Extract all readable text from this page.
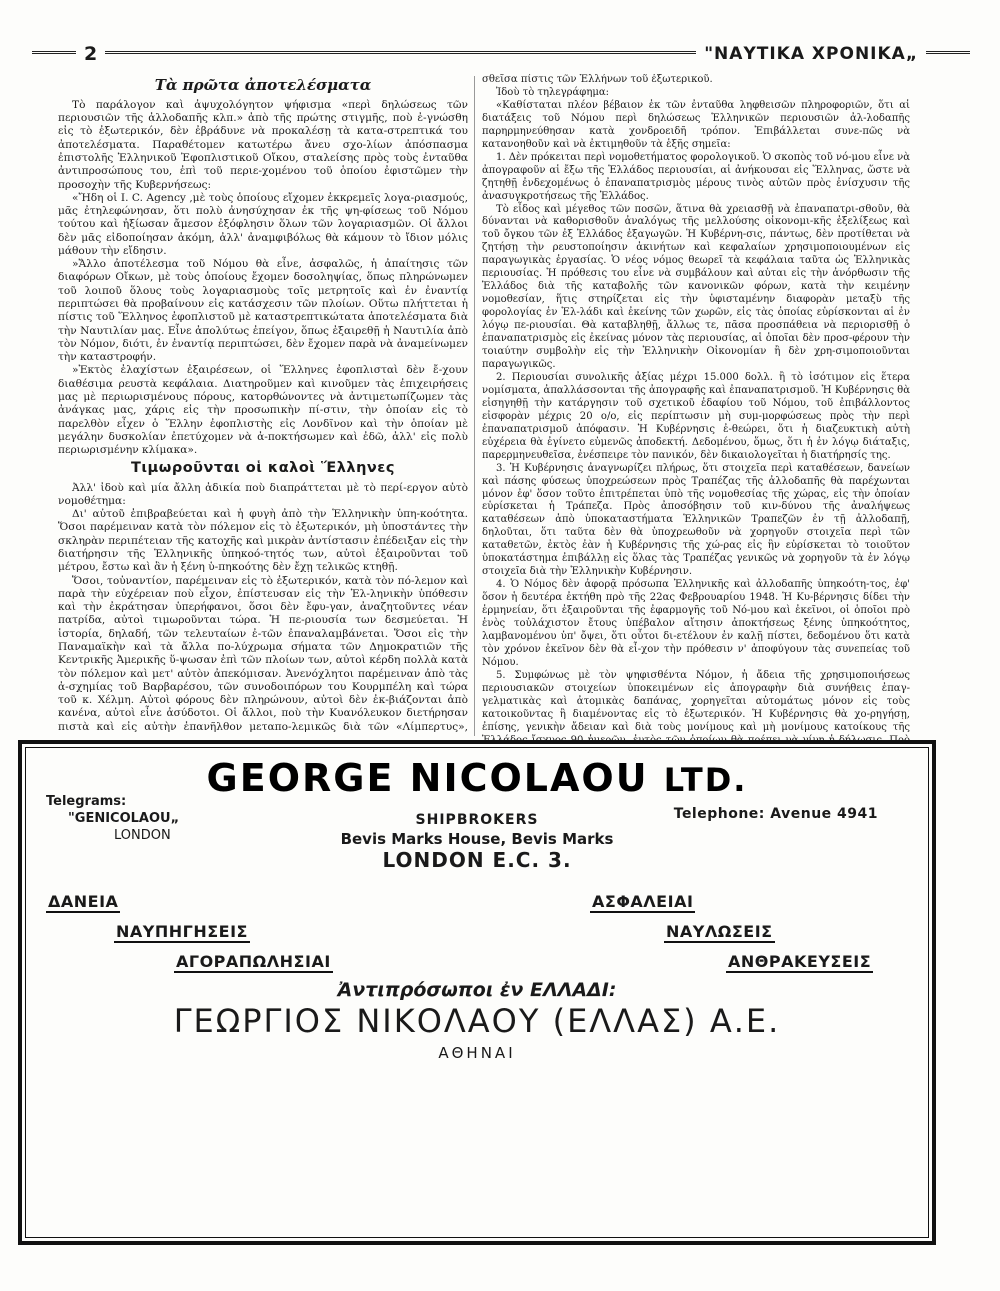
2	"ΝΑΥΤΙΚΑ ΧΡΟΝΙΚΑ„
Τὰ πρῶτα ἀποτελέσματα

Τὸ παράλογον καὶ ἀψυχολόγητον ψήφισμα «περὶ δηλώσεως τῶν περιουσιῶν τῆς ἀλλοδαπῆς κλπ.» ἀπὸ τῆς πρώτης στιγμῆς, ποὺ ἐ-γνώσθη εἰς τὸ ἐξωτερικόν, δὲν ἐβράδυνε νὰ προκαλέσῃ τὰ κατα-στρεπτικά του ἀποτελέσματα. Παραθέτομεν κατωτέρω ἄνευ σχο-λίων ἀπόσπασμα ἐπιστολῆς Ἑλληνικοῦ Ἐφοπλιστικοῦ Οἴκου, σταλείσης πρὸς τοὺς ἐνταῦθα ἀντιπροσώπους του, ἐπὶ τοῦ περιε-χομένου τοῦ ὁποίου ἐφιστῶμεν τὴν προσοχὴν τῆς Κυβερνήσεως:

«Ἤδη οἱ I. C. Agency ,μὲ τοὺς ὁποίους εἴχομεν ἐκκρεμεῖς λογα-ριασμούς, μᾶς ἐτηλεφώνησαν, ὅτι πολὺ ἀνησύχησαν ἐκ τῆς ψη-φίσεως τοῦ Νόμου τούτου καὶ ἠξίωσαν ἄμεσον ἐξόφλησιν ὅλων τῶν λογαριασμῶν. Οἱ ἄλλοι δὲν μᾶς εἰδοποίησαν ἀκόμη, ἀλλ' ἀναμφιβόλως θὰ κάμουν τὸ ἴδιον μόλις μάθουν τὴν εἴδησιν.

»Ἄλλο ἀποτέλεσμα τοῦ Νόμου θὰ εἶνε, ἀσφαλῶς, ἡ ἀπαίτησις τῶν διαφόρων Οἴκων, μὲ τοὺς ὁποίους ἔχομεν δοσοληψίας, ὅπως πληρώνωμεν τοῦ λοιποῦ ὅλους τοὺς λογαριασμοὺς τοῖς μετρητοῖς καὶ ἐν ἐναντίᾳ περιπτώσει θὰ προβαίνουν εἰς κατάσχεσιν τῶν πλοίων. Οὕτω πλήττεται ἡ πίστις τοῦ Ἕλληνος ἐφοπλιστοῦ μὲ καταστρεπτικώτατα ἀποτελέσματα διὰ τὴν Ναυτιλίαν μας. Εἶνε ἀπολύτως ἐπείγον, ὅπως ἐξαιρεθῇ ἡ Ναυτιλία ἀπὸ τὸν Νόμον, διότι, ἐν ἐναντίᾳ περιπτώσει, δὲν ἔχομεν παρὰ νὰ ἀναμείνωμεν τὴν καταστροφήν.

»Ἐκτὸς ἐλαχίστων ἐξαιρέσεων, οἱ Ἕλληνες ἐφοπλισταὶ δὲν ἔ-χουν διαθέσιμα ρευστὰ κεφάλαια. Διατηροῦμεν καὶ κινοῦμεν τὰς ἐπιχειρήσεις μας μὲ περιωρισμένους πόρους, κατορθώνοντες νὰ ἀντιμετωπίζωμεν τὰς ἀνάγκας μας, χάρις εἰς τὴν προσωπικὴν πί-στιν, τὴν ὁποίαν εἰς τὸ παρελθὸν εἶχεν ὁ Ἕλλην ἐφοπλιστὴς εἰς Λονδῖνον καὶ τὴν ὁποίαν μὲ μεγάλην δυσκολίαν ἐπετύχομεν νὰ ἀ-ποκτήσωμεν καὶ ἐδῶ, ἀλλ' εἰς πολὺ περιωρισμένην κλίμακα».

Τιμωροῦνται οἱ καλοὶ Ἕλληνες

Ἀλλ' ἰδοὺ καὶ μία ἄλλη ἀδικία ποὺ διαπράττεται μὲ τὸ περί-εργον αὐτὸ νομοθέτημα:

Δι' αὐτοῦ ἐπιβραβεύεται καὶ ἡ φυγὴ ἀπὸ τὴν Ἑλληνικὴν ὑπη-κοότητα. Ὅσοι παρέμειναν κατὰ τὸν πόλεμον εἰς τὸ ἐξωτερικόν, μὴ ὑποστάντες τὴν σκληρὰν περιπέτειαν τῆς κατοχῆς καὶ μικρὰν ἀντίστασιν ἐπέδειξαν εἰς τὴν διατήρησιν τῆς Ἑλληνικῆς ὑπηκοό-τητός των, αὐτοὶ ἐξαιροῦνται τοῦ μέτρου, ἔστω καὶ ἂν ἡ ξένη ὑ-πηκοότης δὲν ἔχῃ τελικῶς κτηθῇ.

Ὅσοι, τοὐναντίον, παρέμειναν εἰς τὸ ἐξωτερικόν, κατὰ τὸν πό-λεμον καὶ παρὰ τὴν εὐχέρειαν ποὺ εἶχον, ἐπίστευσαν εἰς τὴν Ἑλ-ληνικὴν ὑπόθεσιν καὶ τὴν ἐκράτησαν ὑπερήφανοι, ὅσοι δὲν ἔφυ-γαν, ἀναζητοῦντες νέαν πατρίδα, αὐτοὶ τιμωροῦνται τώρα. Ἡ πε-ριουσία των δεσμεύεται. Ἡ ἱστορία, δηλαδή, τῶν τελευταίων ἐ-τῶν ἐπαναλαμβάνεται. Ὅσοι εἰς τὴν Παναμαϊκὴν καὶ τὰ ἄλλα πο-λύχρωμα σήματα τῶν Δημοκρατιῶν τῆς Κεντρικῆς Ἀμερικῆς ὕ-ψωσαν ἐπὶ τῶν πλοίων των, αὐτοὶ κέρδη πολλὰ κατὰ τὸν πόλεμον καὶ μετ' αὐτὸν ἀπεκόμισαν. Ἀνενόχλητοι παρέμειναν ἀπὸ τὰς ἀ-σχημίας τοῦ Βαρβαρέσου, τῶν συνοδοιπόρων του Κουρμπέλη καὶ τώρα τοῦ κ. Χέλμη. Αὐτοὶ φόρους δὲν πληρώνουν, αὐτοὶ δὲν ἐκ-βιάζονται ἀπὸ κανένα, αὐτοὶ εἶνε ἀσύδοτοι. Οἱ ἄλλοι, ποὺ τὴν Κυανόλευκον διετήρησαν πιστὰ καὶ εἰς αὐτὴν ἐπανῆλθον μεταπο-λεμικῶς διὰ τῶν «Λίμπερτυς»,

σθεῖσα πίστις τῶν Ἑλλήνων τοῦ ἐξωτερικοῦ.

Ἰδοὺ τὸ τηλεγράφημα:

«Καθίσταται πλέον βέβαιον ἐκ τῶν ἐνταῦθα ληφθεισῶν πληροφοριῶν, ὅτι αἱ διατάξεις τοῦ Νόμου περὶ δηλώσεως Ἑλληνικῶν περιουσιῶν ἀλ-λοδαπῆς παρηρμηνεύθησαν κατὰ χονδροειδῆ τρόπον. Ἐπιβάλλεται συνε-πῶς νὰ κατανοηθοῦν καὶ νὰ ἐκτιμηθοῦν τὰ ἑξῆς σημεῖα:

1. Δὲν πρόκειται περὶ νομοθετήματος φορολογικοῦ. Ὁ σκοπὸς τοῦ νό-μου εἶνε νὰ ἀπογραφοῦν αἱ ἔξω τῆς Ἑλλάδος περιουσίαι, αἱ ἀνήκουσαι εἰς Ἕλληνας, ὥστε νὰ ζητηθῇ ἐνδεχομένως ὁ ἐπαναπατρισμὸς μέρους τινὸς αὐτῶν πρὸς ἐνίσχυσιν τῆς ἀνασυγκροτήσεως τῆς Ἑλλάδος.

Τὸ εἶδος καὶ μέγεθος τῶν ποσῶν, ἅτινα θὰ χρειασθῇ νὰ ἐπαναπατρι-σθοῦν, θὰ δύνανται νὰ καθορισθοῦν ἀναλόγως τῆς μελλούσης οἰκονομι-κῆς ἐξελίξεως καὶ τοῦ ὄγκου τῶν ἐξ Ἑλλάδος ἐξαγωγῶν. Ἡ Κυβέρνη-σις, πάντως, δὲν προτίθεται νὰ ζητήσῃ τὴν ρευστοποίησιν ἀκινήτων καὶ κεφαλαίων χρησιμοποιουμένων εἰς παραγωγικὰς ἐργασίας. Ὁ νέος νόμος θεωρεῖ τὰ κεφάλαια ταῦτα ὡς Ἑλληνικὰς περιουσίας. Ἡ πρόθεσις του εἶνε νὰ συμβάλουν καὶ αὐται εἰς τὴν ἀνόρθωσιν τῆς Ἑλλάδος διὰ τῆς καταβολῆς τῶν κανονικῶν φόρων, κατὰ τὴν κειμένην νομοθεσίαν, ἥτις στηρίζεται εἰς τὴν ὑφισταμένην διαφορὰν μεταξὺ τῆς φορολογίας ἐν Ἑλ-λάδι καὶ ἐκείνης τῶν χωρῶν, εἰς τὰς ὁποίας εὑρίσκονται αἱ ἐν λόγῳ πε-ριουσίαι. Θὰ καταβληθῇ, ἄλλως τε, πᾶσα προσπάθεια νὰ περιορισθῇ ὁ ἐπαναπατρισμὸς εἰς ἐκείνας μόνον τὰς περιουσίας, αἱ ὁποῖαι δὲν προσ-φέρουν τὴν τοιαύτην συμβολὴν εἰς τὴν Ἑλληνικὴν Οἰκονομίαν ἢ δὲν χρη-σιμοποιοῦνται παραγωγικῶς.

2. Περιουσίαι συνολικῆς ἀξίας μέχρι 15.000 δολλ. ἢ τὸ ἰσότιμον εἰς ἕτερα νομίσματα, ἀπαλλάσσονται τῆς ἀπογραφῆς καὶ ἐπαναπατρισμοῦ. Ἡ Κυβέρνησις θὰ εἰσηγηθῇ τὴν κατάργησιν τοῦ σχετικοῦ ἐδαφίου τοῦ Νόμου, τοῦ ἐπιβάλλοντος εἰσφορὰν μέχρις 20 ο/ο, εἰς περίπτωσιν μὴ συμ-μορφώσεως πρὸς τὴν περὶ ἐπαναπατρισμοῦ ἀπόφασιν. Ἡ Κυβέρνησις ἐ-θεώρει, ὅτι ἡ διαζευκτικὴ αὐτὴ εὐχέρεια θὰ ἐγίνετο εὐμενῶς ἀποδεκτή. Δεδομένου, ὅμως, ὅτι ἡ ἐν λόγῳ διάταξις, παρερμηνευθεῖσα, ἐνέσπειρε τὸν πανικόν, δὲν δικαιολογεῖται ἡ διατήρησίς της.

3. Ἡ Κυβέρνησις ἀναγνωρίζει πλήρως, ὅτι στοιχεῖα περὶ καταθέσεων, δανείων καὶ πάσης φύσεως ὑποχρεώσεων πρὸς Τραπέζας τῆς ἀλλοδαπῆς θὰ παρέχωνται μόνον ἐφ' ὅσον τοῦτο ἐπιτρέπεται ὑπὸ τῆς νομοθεσίας τῆς χώρας, εἰς τὴν ὁποίαν εὑρίσκεται ἡ Τράπεζα. Πρὸς ἀποσόβησιν τοῦ κιν-δύνου τῆς ἀναλήψεως καταθέσεων ἀπὸ ὑποκαταστήματα Ἑλληνικῶν Τραπεζῶν ἐν τῇ ἀλλοδαπῇ, δηλοῦται, ὅτι ταῦτα δὲν θὰ ὑποχρεωθοῦν νὰ χορηγοῦν στοιχεῖα περὶ τῶν καταθετῶν, ἐκτὸς ἐὰν ἡ Κυβέρνησις τῆς χώ-ρας εἰς ἣν εὑρίσκεται τὸ τοιοῦτον ὑποκατάστημα ἐπιβάλλῃ εἰς ὅλας τὰς Τραπέζας γενικῶς νὰ χορηγοῦν τὰ ἐν λόγῳ στοιχεῖα διὰ τὴν Ἑλληνικὴν Κυβέρνησιν.

4. Ὁ Νόμος δὲν ἀφορᾷ πρόσωπα Ἑλληνικῆς καὶ ἀλλοδαπῆς ὑπηκοότη-τος, ἐφ' ὅσον ἡ δευτέρα ἐκτήθη πρὸ τῆς 22ας Φεβρουαρίου 1948. Ἡ Κυ-βέρνησις δίδει τὴν ἑρμηνείαν, ὅτι ἐξαιροῦνται τῆς ἐφαρμογῆς τοῦ Νό-μου καὶ ἐκεῖνοι, οἱ ὁποῖοι πρὸ ἑνὸς τοὐλάχιστον ἔτους ὑπέβαλον αἴτησιν ἀποκτήσεως ξένης ὑπηκοότητος, λαμβανομένου ὑπ' ὄψει, ὅτι οὗτοι δι-ετέλουν ἐν καλῇ πίστει, δεδομένου ὅτι κατὰ τὸν χρόνον ἐκεῖνον δὲν θὰ εἶ-χον τὴν πρόθεσιν ν' ἀποφύγουν τὰς συνεπείας τοῦ Νόμου.

5. Συμφώνως μὲ τὸν ψηφισθέντα Νόμον, ἡ ἄδεια τῆς χρησιμοποιήσεως περιουσιακῶν στοιχείων ὑποκειμένων εἰς ἀπογραφὴν διὰ συνήθεις ἐπαγ-γελματικὰς καὶ ἀτομικὰς δαπάνας, χορηγεῖται αὐτομάτως μόνον εἰς τοὺς κατοικοῦντας ἢ διαμένοντας εἰς τὸ ἐξωτερικόν. Ἡ Κυβέρνησις θὰ χο-ρηγήσῃ, ἐπίσης, γενικὴν ἄδειαν καὶ διὰ τοὺς μονίμους καὶ μὴ μονίμους κατοίκους τῆς

GEORGE NICOLAOU LTD.
Telegrams:
"GENICOLAOU„
LONDON
SHIPBROKERS
Bevis Marks House, Bevis Marks
LONDON E.C. 3.
Telephone: Avenue 4941
ΔΑΝΕΙΑ
ΝΑΥΠΗΓΗΣΕΙΣ
ΑΓΟΡΑΠΩΛΗΣΙΑΙ
ΑΣΦΑΛΕΙΑΙ
ΝΑΥΛΩΣΕΙΣ
ΑΝΘΡΑΚΕΥΣΕΙΣ
Ἀντιπρόσωποι ἐν ΕΛΛΑΔΙ:
ΓΕΩΡΓΙΟΣ ΝΙΚΟΛΑΟΥ (ΕΛΛΑΣ) Α.Ε.
ΑΘΗΝΑΙ
